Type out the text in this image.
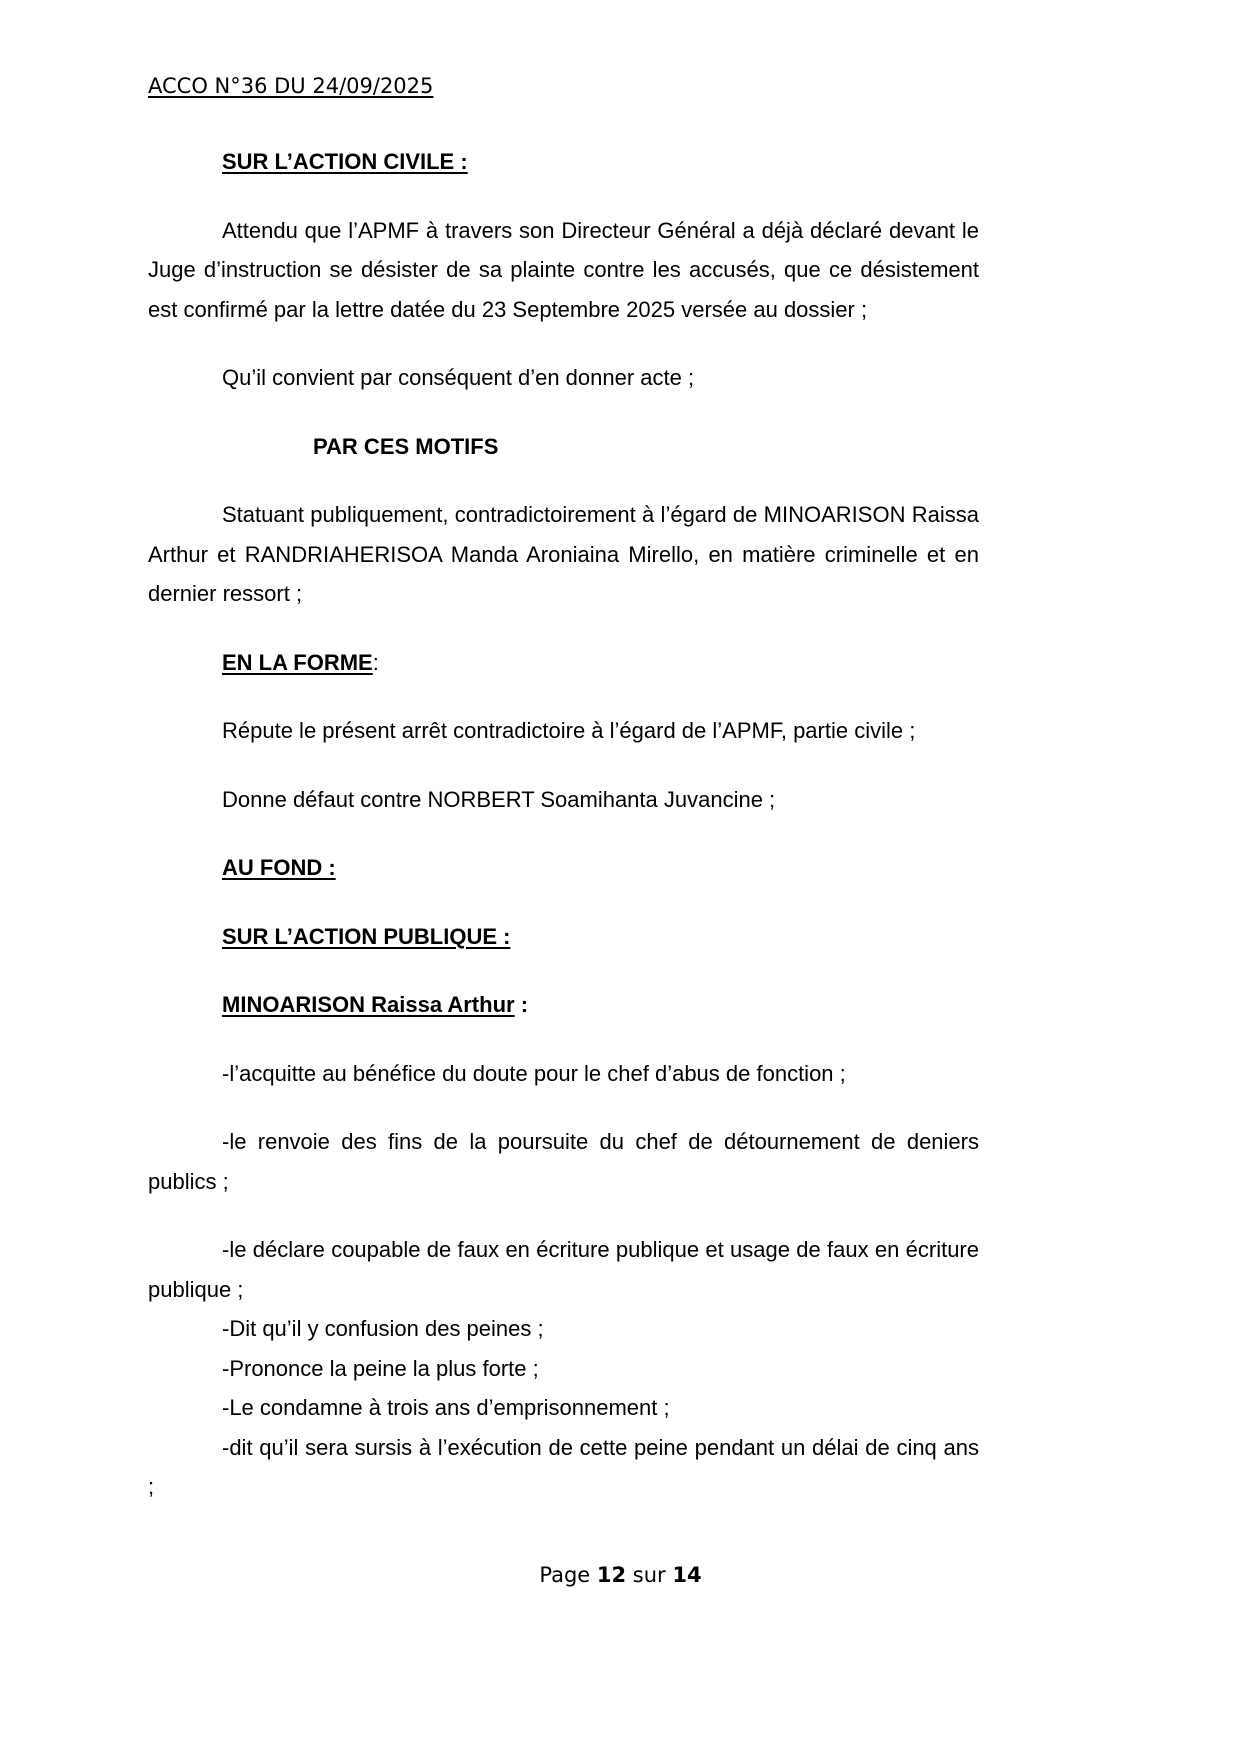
ACCO N°36 DU 24/09/2025

SUR L’ACTION CIVILE :

Attendu que l’APMF à travers son Directeur Général a déjà déclaré devant le Juge d’instruction se désister de sa plainte contre les accusés, que ce désistement est confirmé par la lettre datée du 23 Septembre 2025 versée au dossier ;

Qu’il convient par conséquent d’en donner acte ;

PAR CES MOTIFS

Statuant publiquement, contradictoirement à l’égard de MINOARISON Raissa Arthur et RANDRIAHERISOA Manda Aroniaina Mirello, en matière criminelle et en dernier ressort ;

EN LA FORME:

Répute le présent arrêt contradictoire à l’égard de l’APMF, partie civile ;

Donne défaut contre NORBERT Soamihanta Juvancine ;

AU FOND :

SUR L’ACTION PUBLIQUE :

MINOARISON Raissa Arthur :

-l’acquitte au bénéfice du doute pour le chef d’abus de fonction ;

-le renvoie des fins de la poursuite du chef de détournement de deniers publics ;

-le déclare coupable de faux en écriture publique et usage de faux en écriture publique ;

-Dit qu’il y confusion des peines ;

-Prononce la peine la plus forte ;

-Le condamne à trois ans d’emprisonnement ;

-dit qu’il sera sursis à l’exécution de cette peine pendant un délai de cinq ans ;

Page 12 sur 14
